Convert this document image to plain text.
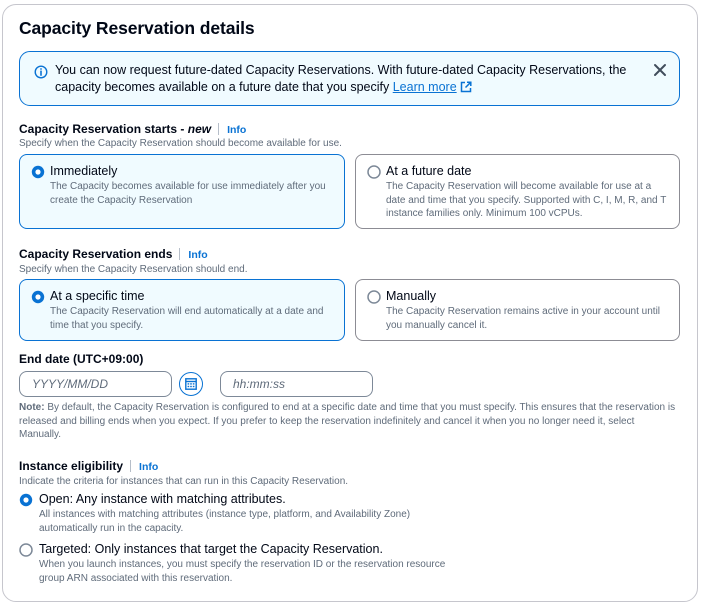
Capacity Reservation details
You can now request future-dated Capacity Reservations. With future-dated Capacity Reservations, the capacity becomes available on a future date that you specify Learn more
Capacity Reservation starts - new Info
Specify when the Capacity Reservation should become available for use.
Immediately
The Capacity becomes available for use immediately after you create the Capacity Reservation
At a future date
The Capacity Reservation will become available for use at a date and time that you specify. Supported with C, I, M, R, and T instance families only. Minimum 100 vCPUs.
Capacity Reservation ends Info
Specify when the Capacity Reservation should end.
At a specific time
The Capacity Reservation will end automatically at a date and time that you specify.
Manually
The Capacity Reservation remains active in your account until you manually cancel it.
End date (UTC+09:00)
YYYY/MM/DD	hh:mm:ss
Note: By default, the Capacity Reservation is configured to end at a specific date and time that you must specify. This ensures that the reservation is released and billing ends when you expect. If you prefer to keep the reservation indefinitely and cancel it when you no longer need it, select Manually.
Instance eligibility Info
Indicate the criteria for instances that can run in this Capacity Reservation.
Open: Any instance with matching attributes.
All instances with matching attributes (instance type, platform, and Availability Zone) automatically run in the capacity.
Targeted: Only instances that target the Capacity Reservation.
When you launch instances, you must specify the reservation ID or the reservation resource group ARN associated with this reservation.
